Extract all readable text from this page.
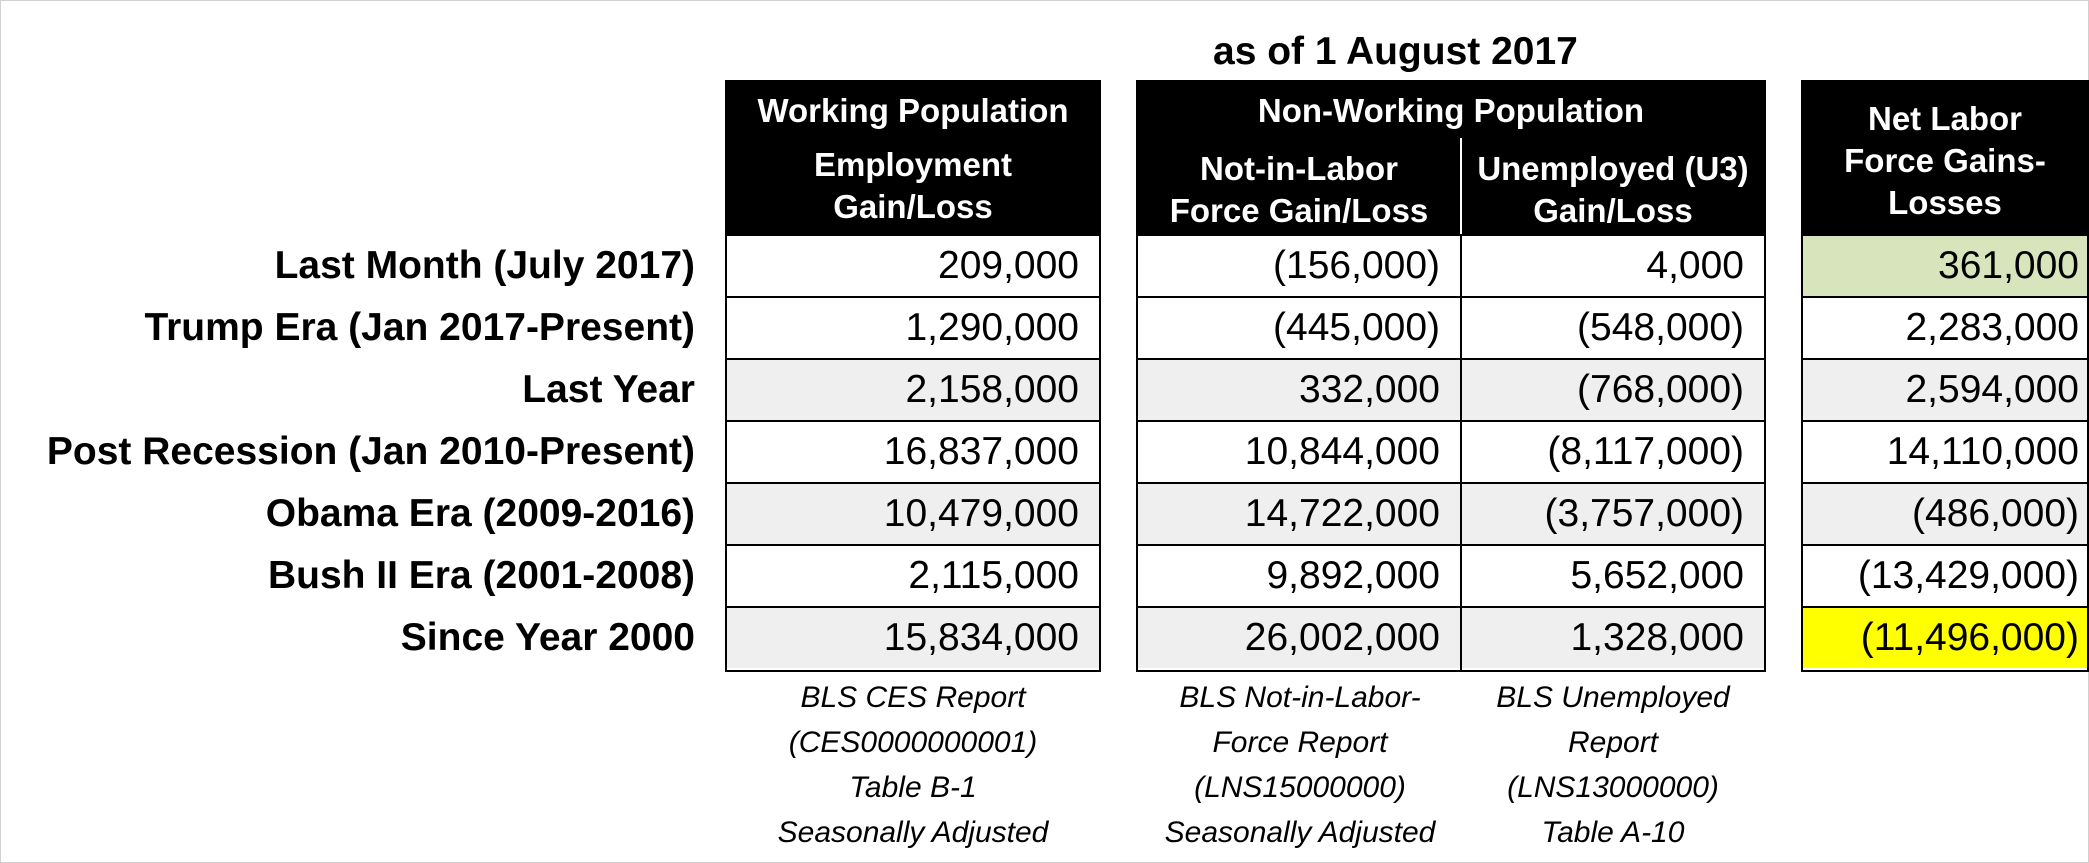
as of 1 August 2017
Working Population
Employment Gain/Loss
Non-Working Population
Not-in-Labor Force Gain/Loss
Unemployed (U3) Gain/Loss
Net Labor Force Gains-Losses
Last Month (July 2017)	209,000	(156,000)	4,000	361,000
Trump Era (Jan 2017-Present)	1,290,000	(445,000)	(548,000)	2,283,000
Last Year	2,158,000	332,000	(768,000)	2,594,000
Post Recession (Jan 2010-Present)	16,837,000	10,844,000	(8,117,000)	14,110,000
Obama Era (2009-2016)	10,479,000	14,722,000	(3,757,000)	(486,000)
Bush II Era (2001-2008)	2,115,000	9,892,000	5,652,000	(13,429,000)
Since Year 2000	15,834,000	26,002,000	1,328,000	(11,496,000)
BLS CES Report
(CES0000000001)
Table B-1
Seasonally Adjusted
BLS Not-in-Labor-
Force Report
(LNS15000000)
Seasonally Adjusted
BLS Unemployed
Report
(LNS13000000)
Table A-10
